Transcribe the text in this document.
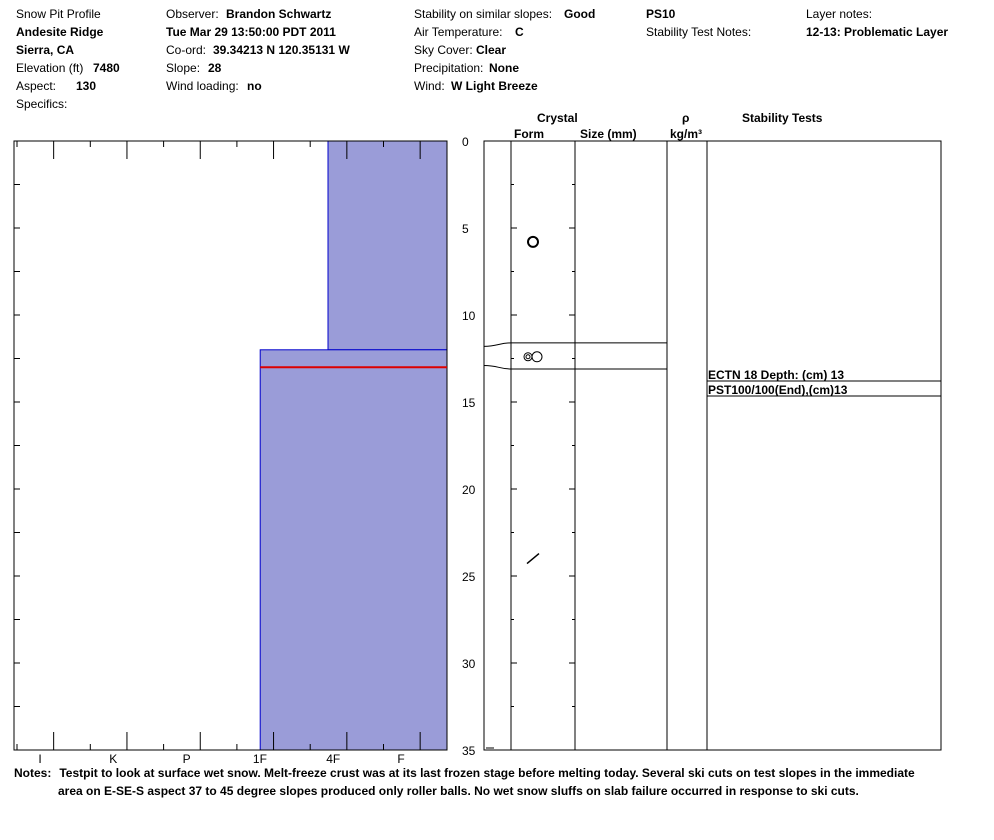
Snow Pit Profile
Andesite Ridge
Sierra, CA
Elevation (ft) 7480
Aspect: 130
Specifics:
Observer: Brandon Schwartz
Tue Mar 29 13:50:00 PDT 2011
Co-ord: 39.34213 N 120.35131 W
Slope: 28
Wind loading: no
Stability on similar slopes: Good
Air Temperature: C
Sky Cover: Clear
Precipitation: None
Wind: W Light Breeze
PS10
Stability Test Notes:
Layer notes:
12-13: Problematic Layer
Crystal
Form	Size (mm)
ρ
kg/m³
Stability Tests
I	K	P	1F	4F	F
0
5
10
15
20
25
30
35
ECTN 18 Depth: (cm) 13
PST100/100(End),(cm)13
Notes: Testpit to look at surface wet snow. Melt-freeze crust was at its last frozen stage before melting today. Several ski cuts on test slopes in the immediate
area on E-SE-S aspect 37 to 45 degree slopes produced only roller balls. No wet snow sluffs on slab failure occurred in response to ski cuts.
